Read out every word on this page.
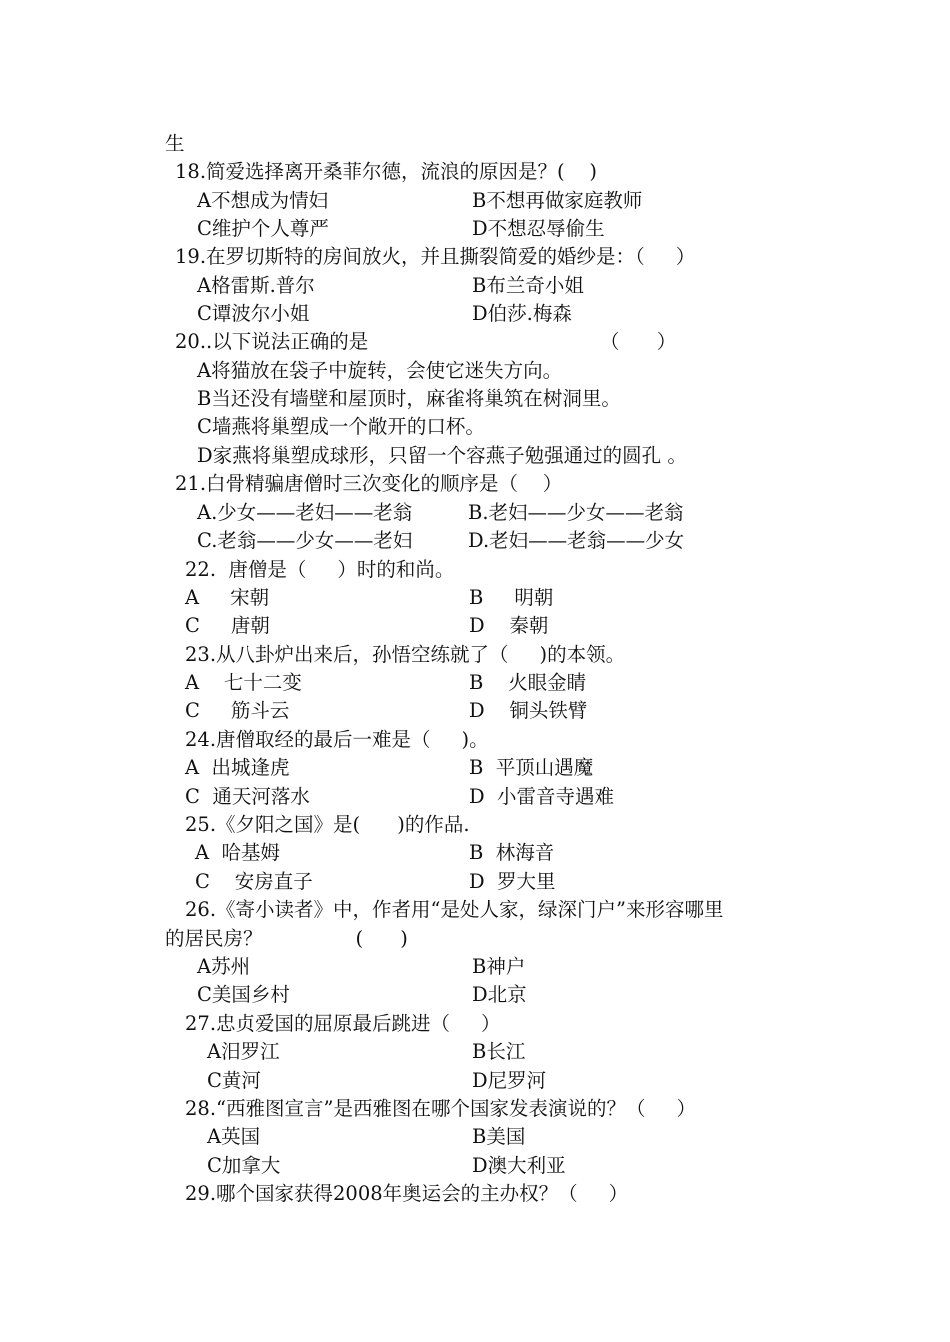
生
18.简爱选择离开桑菲尔德，流浪的原因是？(    )
A不想成为情妇	B不想再做家庭教师
C维护个人尊严	D不想忍辱偷生
19.在罗切斯特的房间放火，并且撕裂简爱的婚纱是：（     ）
A格雷斯.普尔	B布兰奇小姐
C谭波尔小姐	D伯莎.梅森
20..以下说法正确的是	（      ）
A将猫放在袋子中旋转，会使它迷失方向。
B当还没有墙壁和屋顶时，麻雀将巢筑在树洞里。
C墙燕将巢塑成一个敞开的口杯。
D家燕将巢塑成球形，只留一个容燕子勉强通过的圆孔 。
21.白骨精骗唐僧时三次变化的顺序是（    ）
A.少女——老妇——老翁	B.老妇——少女——老翁
C.老翁——少女——老妇	D.老妇——老翁——少女
22.  唐僧是（     ）时的和尚。
A     宋朝	B     明朝
C     唐朝	D    秦朝
23.从八卦炉出来后，孙悟空练就了（     )的本领。
A    七十二变	B    火眼金睛
C     筋斗云	D    铜头铁臂
24.唐僧取经的最后一难是（     )。
A  出城逢虎	B  平顶山遇魔
C  通天河落水	D  小雷音寺遇难
25.《夕阳之国》是(      )的作品.
A  哈基姆	B  林海音
C    安房直子	D  罗大里
26.《寄小读者》中，作者用“是处人家，绿深门户”来形容哪里
的居民房？               (      )
A苏州	B神户
C美国乡村	D北京
27.忠贞爱国的屈原最后跳进（     ）
A汨罗江	B长江
C黄河	D尼罗河
28.“西雅图宣言”是西雅图在哪个国家发表演说的？（     ）
A英国	B美国
C加拿大	D澳大利亚
29.哪个国家获得2008年奥运会的主办权？（     ）
